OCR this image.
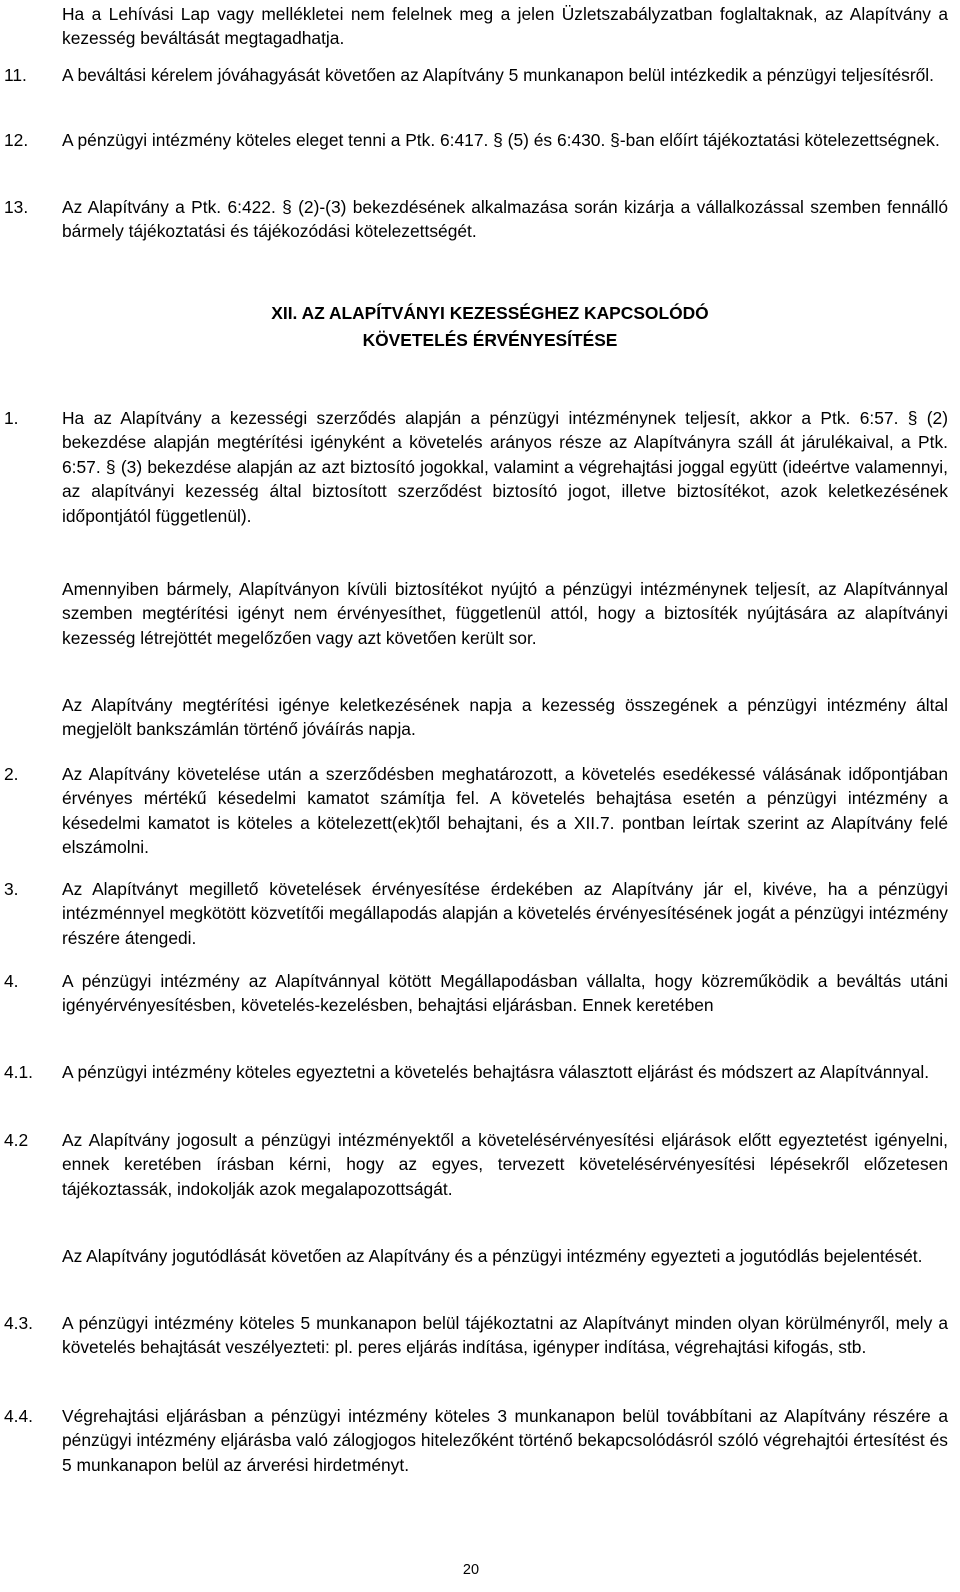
Ha a Lehívási Lap vagy mellékletei nem felelnek meg a jelen Üzletszabályzatban foglaltaknak, az Alapítvány a kezesség beváltását megtagadhatja.

11. A beváltási kérelem jóváhagyását követően az Alapítvány 5 munkanapon belül intézkedik a pénzügyi teljesítésről.

12. A pénzügyi intézmény köteles eleget tenni a Ptk. 6:417. § (5) és 6:430. §-ban előírt tájékoztatási kötelezettségnek.

13. Az Alapítvány a Ptk. 6:422. § (2)-(3) bekezdésének alkalmazása során kizárja a vállalkozással szemben fennálló bármely tájékoztatási és tájékozódási kötelezettségét.

XII. AZ ALAPÍTVÁNYI KEZESSÉGHEZ KAPCSOLÓDÓ
KÖVETELÉS ÉRVÉNYESÍTÉSE
1. Ha az Alapítvány a kezességi szerződés alapján a pénzügyi intézménynek teljesít, akkor a Ptk. 6:57. § (2) bekezdése alapján megtérítési igényként a követelés arányos része az Alapítványra száll át járulékaival, a Ptk. 6:57. § (3) bekezdése alapján az azt biztosító jogokkal, valamint a végrehajtási joggal együtt (ideértve valamennyi, az alapítványi kezesség által biztosított szerződést biztosító jogot, illetve biztosítékot, azok keletkezésének időpontjától függetlenül).

Amennyiben bármely, Alapítványon kívüli biztosítékot nyújtó a pénzügyi intézménynek teljesít, az Alapítvánnyal szemben megtérítési igényt nem érvényesíthet, függetlenül attól, hogy a biztosíték nyújtására az alapítványi kezesség létrejöttét megelőzően vagy azt követően került sor.

Az Alapítvány megtérítési igénye keletkezésének napja a kezesség összegének a pénzügyi intézmény által megjelölt bankszámlán történő jóváírás napja.

2. Az Alapítvány követelése után a szerződésben meghatározott, a követelés esedékessé válásának időpontjában érvényes mértékű késedelmi kamatot számítja fel. A követelés behajtása esetén a pénzügyi intézmény a késedelmi kamatot is köteles a kötelezett(ek)től behajtani, és a XII.7. pontban leírtak szerint az Alapítvány felé elszámolni.

3. Az Alapítványt megillető követelések érvényesítése érdekében az Alapítvány jár el, kivéve, ha a pénzügyi intézménnyel megkötött közvetítői megállapodás alapján a követelés érvényesítésének jogát a pénzügyi intézmény részére átengedi.

4. A pénzügyi intézmény az Alapítvánnyal kötött Megállapodásban vállalta, hogy közreműködik a beváltás utáni igényérvényesítésben, követelés-kezelésben, behajtási eljárásban. Ennek keretében

4.1. A pénzügyi intézmény köteles egyeztetni a követelés behajtásra választott eljárást és módszert az Alapítvánnyal.

4.2 Az Alapítvány jogosult a pénzügyi intézményektől a követelésérvényesítési eljárások előtt egyeztetést igényelni, ennek keretében írásban kérni, hogy az egyes, tervezett követelésérvényesítési lépésekről előzetesen tájékoztassák, indokolják azok megalapozottságát.

Az Alapítvány jogutódlását követően az Alapítvány és a pénzügyi intézmény egyezteti a jogutódlás bejelentését.

4.3. A pénzügyi intézmény köteles 5 munkanapon belül tájékoztatni az Alapítványt minden olyan körülményről, mely a követelés behajtását veszélyezteti: pl. peres eljárás indítása, igényper indítása, végrehajtási kifogás, stb.

4.4. Végrehajtási eljárásban a pénzügyi intézmény köteles 3 munkanapon belül továbbítani az Alapítvány részére a pénzügyi intézmény eljárásba való zálogjogos hitelezőként történő bekapcsolódásról szóló végrehajtói értesítést és 5 munkanapon belül az árverési hirdetményt.

20
